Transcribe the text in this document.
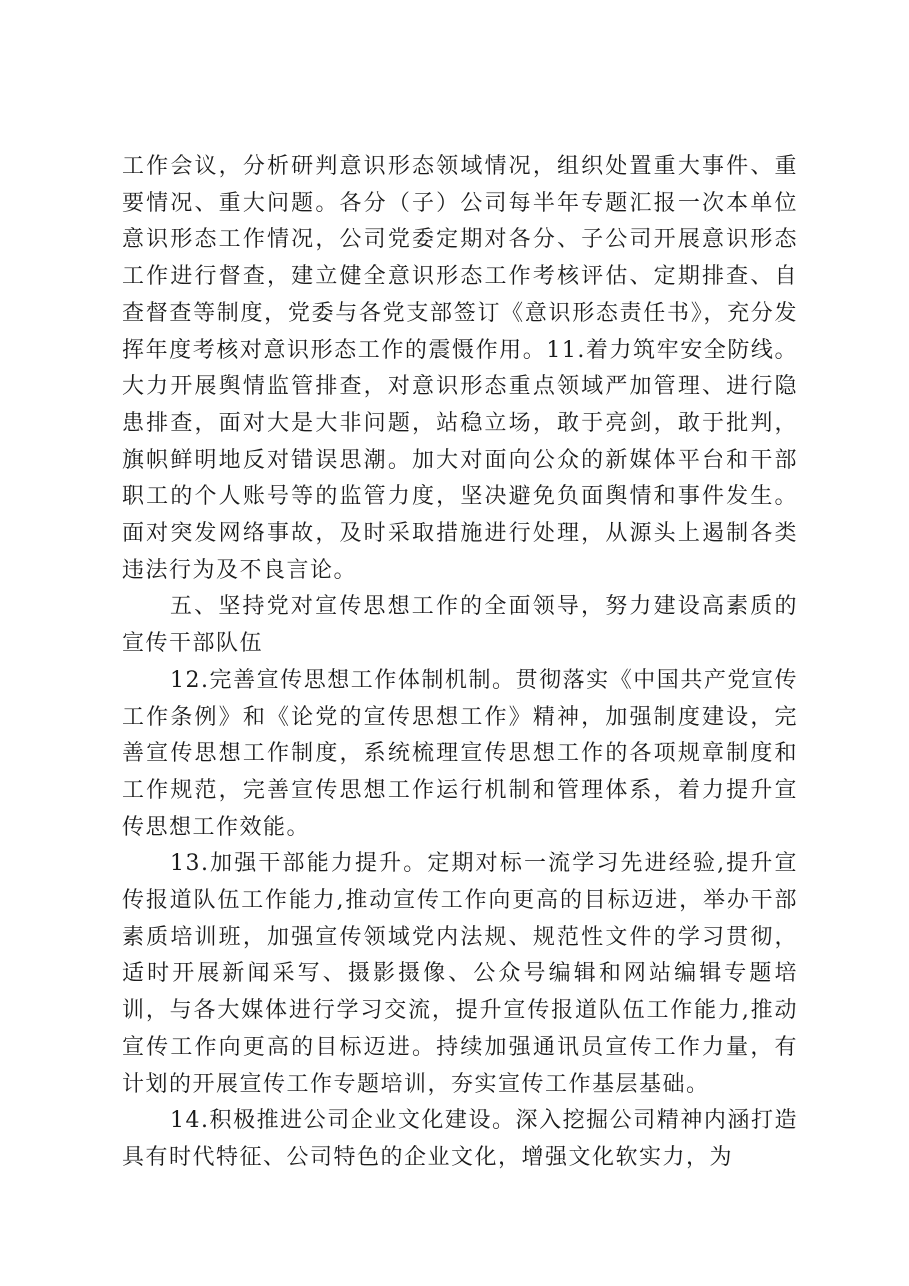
工作会议，分析研判意识形态领域情况，组织处置重大事件、重要情况、重大问题。各分（子）公司每半年专题汇报一次本单位意识形态工作情况，公司党委定期对各分、子公司开展意识形态工作进行督查，建立健全意识形态工作考核评估、定期排查、自查督查等制度，党委与各党支部签订《意识形态责任书》，充分发挥年度考核对意识形态工作的震慑作用。11.着力筑牢安全防线。大力开展舆情监管排查，对意识形态重点领域严加管理、进行隐患排查，面对大是大非问题，站稳立场，敢于亮剑，敢于批判，旗帜鲜明地反对错误思潮。加大对面向公众的新媒体平台和干部职工的个人账号等的监管力度，坚决避免负面舆情和事件发生。面对突发网络事故，及时采取措施进行处理，从源头上遏制各类违法行为及不良言论。

五、坚持党对宣传思想工作的全面领导，努力建设高素质的宣传干部队伍

12.完善宣传思想工作体制机制。贯彻落实《中国共产党宣传工作条例》和《论党的宣传思想工作》精神，加强制度建设，完善宣传思想工作制度，系统梳理宣传思想工作的各项规章制度和工作规范，完善宣传思想工作运行机制和管理体系，着力提升宣传思想工作效能。

13.加强干部能力提升。定期对标一流学习先进经验,提升宣传报道队伍工作能力,推动宣传工作向更高的目标迈进，举办干部素质培训班，加强宣传领域党内法规、规范性文件的学习贯彻，适时开展新闻采写、摄影摄像、公众号编辑和网站编辑专题培训，与各大媒体进行学习交流，提升宣传报道队伍工作能力,推动宣传工作向更高的目标迈进。持续加强通讯员宣传工作力量，有计划的开展宣传工作专题培训，夯实宣传工作基层基础。

14.积极推进公司企业文化建设。深入挖掘公司精神内涵打造具有时代特征、公司特色的企业文化，增强文化软实力，为
